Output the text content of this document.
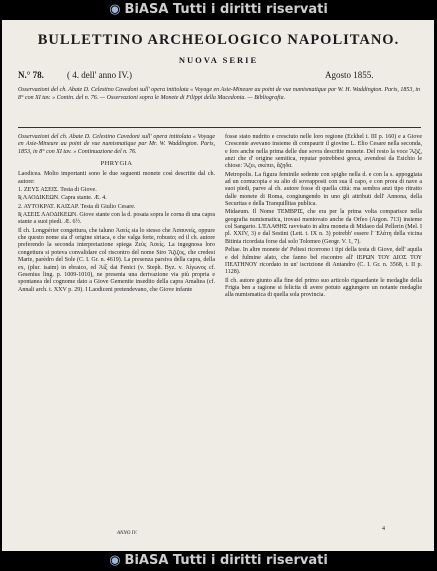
◉ BiASA Tutti i diritti riservati
BULLETTINO ARCHEOLOGICO NAPOLITANO.
NUOVA SERIE
N.° 78.	( 4. dell' anno IV.)	Agosto 1855.
Osservazioni del ch. Abate D. Celestino Cavedoni sull' opera intitolata « Voyage en Asie-Mineure au point de vue numismatique par W. H. Waddington. Paris, 1853, in 8° con XI tav. » Contin. del n. 76. — Osservazioni sopra le Monete di Filippi della Macedonia. — Bibliografia.

Osservazioni del ch. Abate D. Celestino Cavedoni sull' opera intitolata « Voyage en Asie-Mineure au point de vue numismatique par Mr. W. Waddington. Paris, 1853, in 8° con XI tav. » Continuazione del n. 76.

PHRYGIA

Laodicea. Molto importanti sono le due seguenti monete così descritte dal ch. autore:

1. ΖΕΥΣ ΑΣΕΙΣ. Testa di Giove.

Ʀ ΛΑΟΔΙΚΕΩΝ. Capra stante. Æ. 4.

2. ΑΥΤΟΚΡΑΤ. ΚΑΙΣΑΡ. Testa di Giulio Cesare.

Ʀ ΑΣΕΙΣ ΛΑΟΔΙΚΕΩΝ. Giove stante con la d. posata sopra le corna di una capra stante a suoi piedi. Æ. 6½.

Il ch. Longpérier congettura, che taluno Ἀσεὶς sia lo stesso che Ἀσαυνείς, oppure che questo nome sia d' origine siriaca, e che valga forte, robusto; ed il ch. autore preferendo la seconda interpretazione spiega Ζεὺς Ἀσεὶς. La ingegnosa loro congettura si poteva convalidare col riscontro del nome Siro Ἄζιζος, che credesi Marte, parèdro del Sole (C. I. Gr. n. 4619). La presenza parsiva della capra, della ex, (plur. isaim) in ebraico, ed Ἀίξ dai Fenici (v. Steph. Byz. v. Ἀίγωνος cf. Gesenius ling. p. 1009-1010), ne presenta una derivazione via più propria e spontanea del cognome dato a Giove Gemenite insedito della capra Amaltea (cf. Annali arch. t. XXV p. 29). I Laodiceni pretendevano, che Giove infante

fosse stato nudrito e cresciuto nelle loro regione (Eckhel t. III p. 160) e a Giove Crescente avevano insieme di compaurir il giovine L. Elio Cesare nella seconda, e fors anche nella prima delle due sovra descritte monete. Del resto la voce Ἄζιζ, anzi che d' origine semitica, reputar potrebbesi greca, avendosi da Esichio le chiose: Ἄζει, σκέπει, ἄζηδα.

Metropolis. La figura feminile sedente con spighe nella d. e con la s. appoggiata ad un cornucopia e su alto di sovrapposti con sua il capo, e con prora di nave a suoi piedi, parve al ch. autore fosse di quella città: ma sembra anzi tipo ritratto dalle monete di Roma, congiungendo in uno gli attributi dell' Annona, della Securitas e della Tranquillitas publica.

Midaeum. Il Nome ΤΕΜΒΡΙΣ, che era per la prima volta comparisce nella geografia numismatica, trovasi mentovato anche da Orfeo (Argon. 713) insieme col Sangario. L'ΕΛΑΘΗΣ ravvisato in altra moneta di Midaeo dal Pellerin (Mel. I pl. XXIV, 3) e dal Sestini (Lett. t. IX n. 3) potrebb' essere l' Ἐλάτη della vicina Bitinia ricordata forse dal solo Tolomeo (Geogr. V. 1, 7).

Peltae. In altre monete de' Peltesi ricorrono i tipi della testa di Giove, dell' aquila e del fulmine alato, che fanno bel riscontro all' ΙΕΡΩΝ ΤΟΥ ΔΙΟΣ ΤΟΥ ΠΕΛΤΗΝΟΥ ricordato in un' iscrizione di Antandro (C. I. Gr. n. 3568, t. II p. 1128).

Il ch. autore giunto alla fine del primo suo articolo riguardante le medaglie della Frigia ben a ragione si felicita di avere potuto aggiungere un notante medaglie alla numismatica di quella sola provincia.

ANNO IV.
4
◉ BiASA Tutti i diritti riservati
